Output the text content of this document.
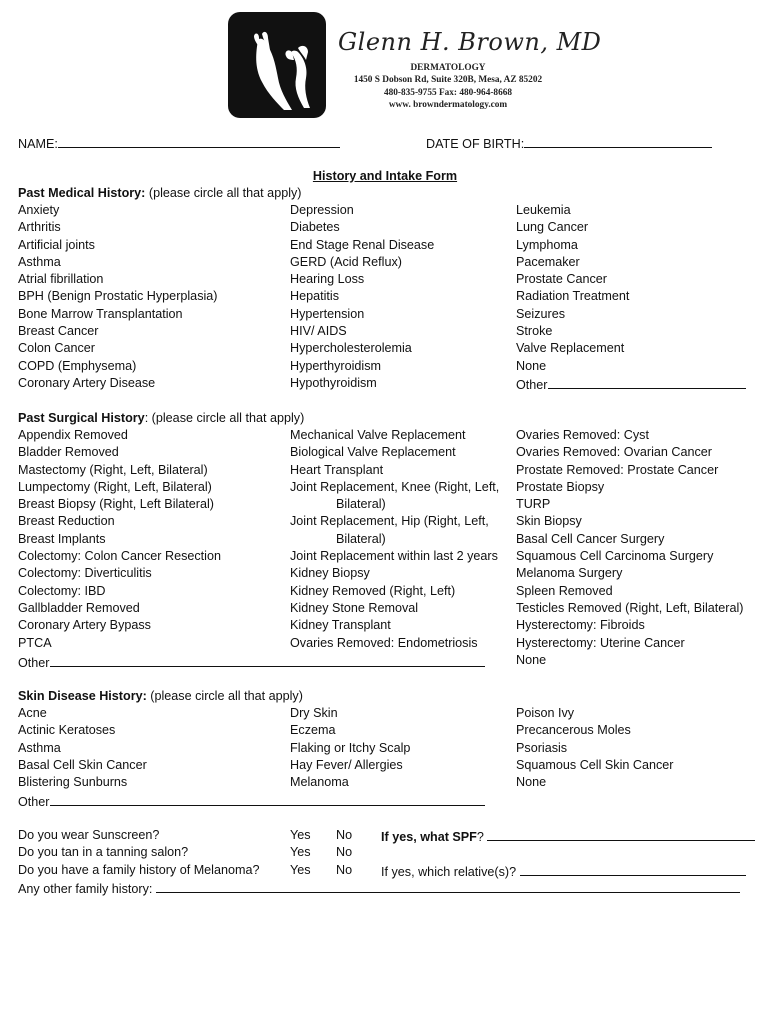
Glenn H. Brown, MD
DERMATOLOGY
1450 S Dobson Rd, Suite 320B, Mesa, AZ 85202
480-835-9755 Fax: 480-964-8668
www. browndermatology.com
NAME:	DATE OF BIRTH:
History and Intake Form
Past Medical History: (please circle all that apply)
Anxiety
Arthritis
Artificial joints
Asthma
Atrial fibrillation
BPH (Benign Prostatic Hyperplasia)
Bone Marrow Transplantation
Breast Cancer
Colon Cancer
COPD (Emphysema)
Coronary Artery Disease
Depression
Diabetes
End Stage Renal Disease
GERD (Acid Reflux)
Hearing Loss
Hepatitis
Hypertension
HIV/ AIDS
Hypercholesterolemia
Hyperthyroidism
Hypothyroidism
Leukemia
Lung Cancer
Lymphoma
Pacemaker
Prostate Cancer
Radiation Treatment
Seizures
Stroke
Valve Replacement
None
Other
Past Surgical History: (please circle all that apply)
Appendix Removed
Bladder Removed
Mastectomy (Right, Left, Bilateral)
Lumpectomy (Right, Left, Bilateral)
Breast Biopsy (Right, Left Bilateral)
Breast Reduction
Breast Implants
Colectomy: Colon Cancer Resection
Colectomy: Diverticulitis
Colectomy: IBD
Gallbladder Removed
Coronary Artery Bypass
PTCA
Mechanical Valve Replacement
Biological Valve Replacement
Heart Transplant
Joint Replacement, Knee (Right, Left,
Bilateral)
Joint Replacement, Hip (Right, Left,
Bilateral)
Joint Replacement within last 2 years
Kidney Biopsy
Kidney Removed (Right, Left)
Kidney Stone Removal
Kidney Transplant
Ovaries Removed: Endometriosis
Ovaries Removed: Cyst
Ovaries Removed: Ovarian Cancer
Prostate Removed: Prostate Cancer
Prostate Biopsy
TURP
Skin Biopsy
Basal Cell Cancer Surgery
Squamous Cell Carcinoma Surgery
Melanoma Surgery
Spleen Removed
Testicles Removed (Right, Left, Bilateral)
Hysterectomy: Fibroids
Hysterectomy: Uterine Cancer
None
Other
Skin Disease History: (please circle all that apply)
Acne
Actinic Keratoses
Asthma
Basal Cell Skin Cancer
Blistering Sunburns
Dry Skin
Eczema
Flaking or Itchy Scalp
Hay Fever/ Allergies
Melanoma
Poison Ivy
Precancerous Moles
Psoriasis
Squamous Cell Skin Cancer
None
Other
Do you wear Sunscreen?	Yes No If yes, what SPF?
Do you tan in a tanning salon?	Yes No
Do you have a family history of Melanoma? Yes No If yes, which relative(s)?
Any other family history:
